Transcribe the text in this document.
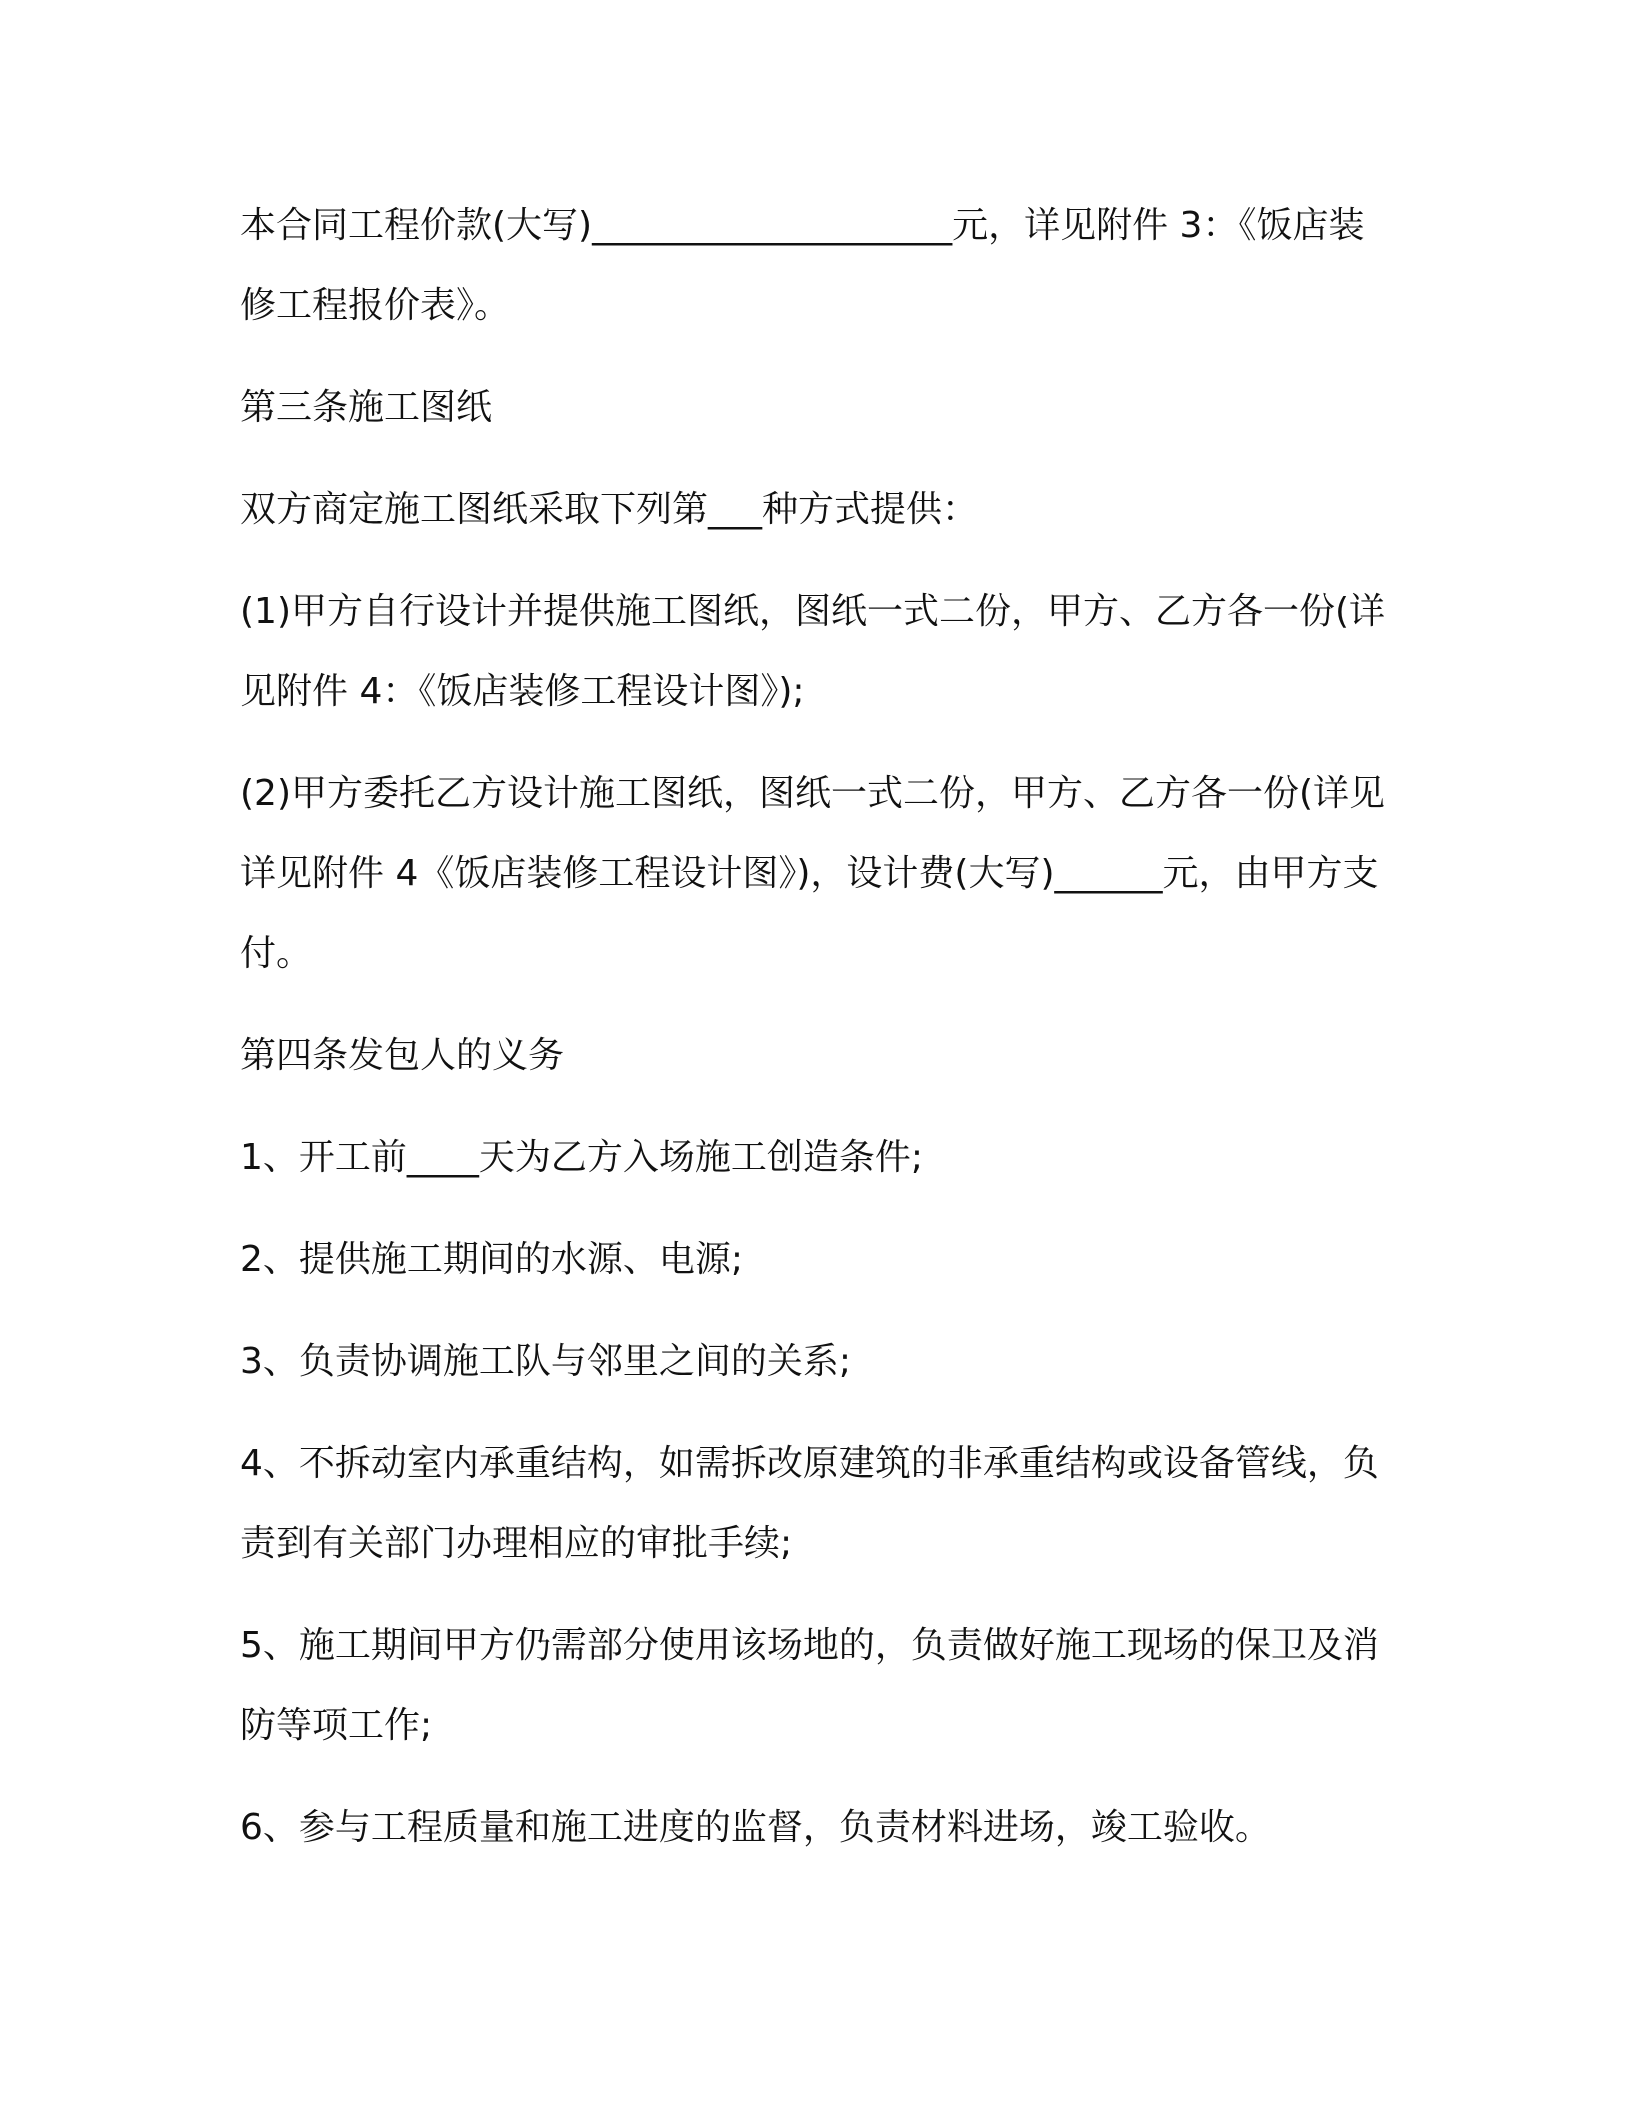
本合同工程价款(大写)____________________元，详见附件 3：《饭店装修工程报价表》。

第三条施工图纸

双方商定施工图纸采取下列第___种方式提供：

(1)甲方自行设计并提供施工图纸，图纸一式二份，甲方、乙方各一份(详见附件 4：《饭店装修工程设计图》);

(2)甲方委托乙方设计施工图纸，图纸一式二份，甲方、乙方各一份(详见详见附件 4《饭店装修工程设计图》)，设计费(大写)______元，由甲方支付。

第四条发包人的义务

1、开工前____天为乙方入场施工创造条件;

2、提供施工期间的水源、电源;

3、负责协调施工队与邻里之间的关系;

4、不拆动室内承重结构，如需拆改原建筑的非承重结构或设备管线，负责到有关部门办理相应的审批手续;

5、施工期间甲方仍需部分使用该场地的，负责做好施工现场的保卫及消防等项工作;

6、参与工程质量和施工进度的监督，负责材料进场，竣工验收。
